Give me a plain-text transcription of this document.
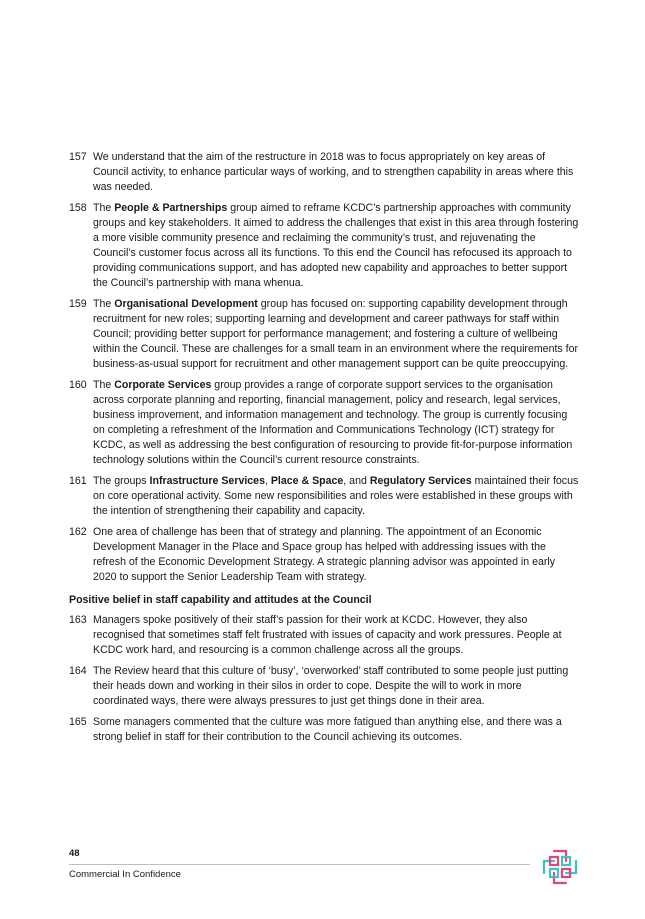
157 We understand that the aim of the restructure in 2018 was to focus appropriately on key areas of Council activity, to enhance particular ways of working, and to strengthen capability in areas where this was needed.
158 The People & Partnerships group aimed to reframe KCDC’s partnership approaches with community groups and key stakeholders. It aimed to address the challenges that exist in this area through fostering a more visible community presence and reclaiming the community’s trust, and rejuvenating the Council’s customer focus across all its functions. To this end the Council has refocused its approach to providing communications support, and has adopted new capability and approaches to better support the Council’s partnership with mana whenua.
159 The Organisational Development group has focused on: supporting capability development through recruitment for new roles; supporting learning and development and career pathways for staff within Council; providing better support for performance management; and fostering a culture of wellbeing within the Council. These are challenges for a small team in an environment where the requirements for business-as-usual support for recruitment and other management support can be quite preoccupying.
160 The Corporate Services group provides a range of corporate support services to the organisation across corporate planning and reporting, financial management, policy and research, legal services, business improvement, and information management and technology. The group is currently focusing on completing a refreshment of the Information and Communications Technology (ICT) strategy for KCDC, as well as addressing the best configuration of resourcing to provide fit-for-purpose information technology solutions within the Council’s current resource constraints.
161 The groups Infrastructure Services, Place & Space, and Regulatory Services maintained their focus on core operational activity. Some new responsibilities and roles were established in these groups with the intention of strengthening their capability and capacity.
162 One area of challenge has been that of strategy and planning. The appointment of an Economic Development Manager in the Place and Space group has helped with addressing issues with the refresh of the Economic Development Strategy. A strategic planning advisor was appointed in early 2020 to support the Senior Leadership Team with strategy.
Positive belief in staff capability and attitudes at the Council
163 Managers spoke positively of their staff’s passion for their work at KCDC. However, they also recognised that sometimes staff felt frustrated with issues of capacity and work pressures. People at KCDC work hard, and resourcing is a common challenge across all the groups.
164 The Review heard that this culture of ‘busy’, ‘overworked’ staff contributed to some people just putting their heads down and working in their silos in order to cope. Despite the will to work in more coordinated ways, there were always pressures to just get things done in their area.
165 Some managers commented that the culture was more fatigued than anything else, and there was a strong belief in staff for their contribution to the Council achieving its outcomes.
48
Commercial In Confidence
